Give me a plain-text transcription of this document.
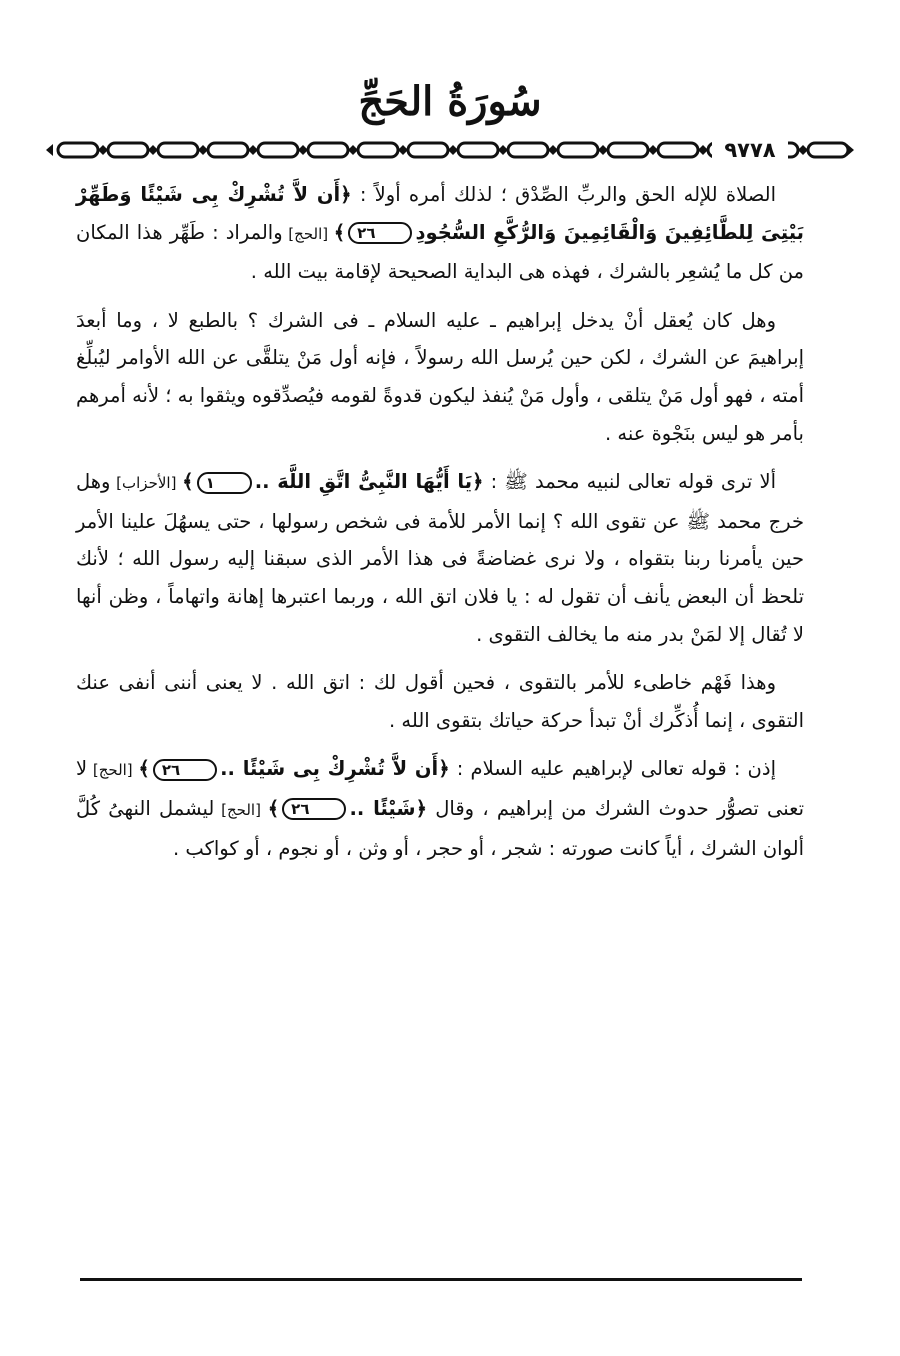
سُورَةُ الحَجِّ
٩٧٧٨

الصلاة للإله الحق والربِّ الصِّدْق ؛ لذلك أمره أولاً : ﴿أَن لاَّ تُشْرِكْ بِى شَيْئًا وَطَهِّرْ بَيْتِىَ لِلطَّائِفِينَ وَالْقَائِمِينَ وَالرُّكَّعِ السُّجُودِ٢٦﴾ [الحج] والمراد : طَهِّر هذا المكان من كل ما يُشعِر بالشرك ، فهذه هى البداية الصحيحة لإقامة بيت الله .

وهل كان يُعقل أنْ يدخل إبراهيم ـ عليه السلام ـ فى الشرك ؟ بالطبع لا ، وما أبعدَ إبراهيمَ عن الشرك ، لكن حين يُرسل الله رسولاً ، فإنه أول مَنْ يتلقَّى عن الله الأوامر ليُبلِّغ أمته ، فهو أول مَنْ يتلقى ، وأول مَنْ يُنفذ ليكون قدوةً لقومه فيُصدِّقوه ويثقوا به ؛ لأنه أمرهم بأمر هو ليس بنَجْوة عنه .

ألا ترى قوله تعالى لنبيه محمد ﷺ : ﴿يَا أَيُّهَا النَّبِىُّ اتَّقِ اللَّهَ ..١﴾ [الأحزاب] وهل خرج محمد ﷺ عن تقوى الله ؟ إنما الأمر للأمة فى شخص رسولها ، حتى يسهُلَ علينا الأمر حين يأمرنا ربنا بتقواه ، ولا نرى غضاضةً فى هذا الأمر الذى سبقنا إليه رسول الله ؛ لأنك تلحظ أن البعض يأنف أن تقول له : يا فلان اتق الله ، وربما اعتبرها إهانة واتهاماً ، وظن أنها لا تُقال إلا لمَنْ بدر منه ما يخالف التقوى .

وهذا فَهْم خاطىء للأمر بالتقوى ، فحين أقول لك : اتق الله . لا يعنى أننى أنفى عنك التقوى ، إنما أُذكِّرك أنْ تبدأ حركة حياتك بتقوى الله .

إذن : قوله تعالى لإبراهيم عليه السلام : ﴿أَن لاَّ تُشْرِكْ بِى شَيْئًا ..٢٦﴾ [الحج] لا تعنى تصوُّر حدوث الشرك من إبراهيم ، وقال ﴿شَيْئًا ..٢٦﴾ [الحج] ليشمل النهىُ كُلَّ ألوان الشرك ، أياً كانت صورته : شجر ، أو حجر ، أو وثن ، أو نجوم ، أو كواكب .
